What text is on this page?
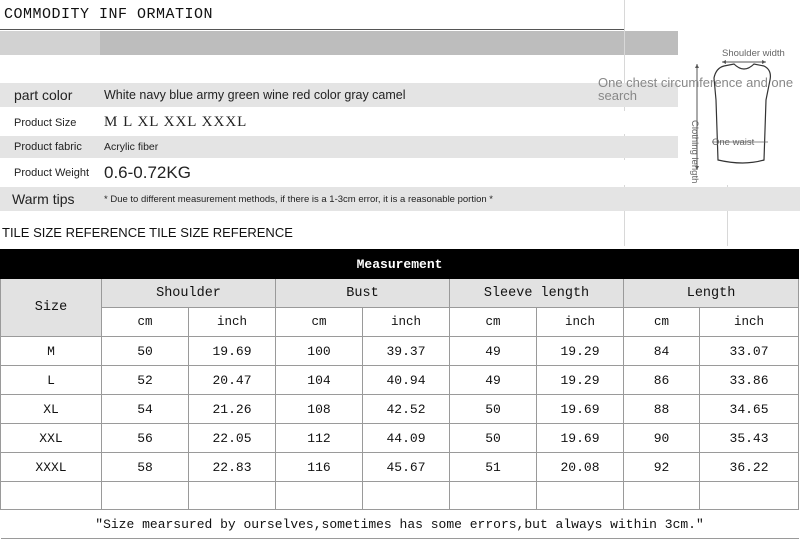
COMMODITY INF ORMATION
Shoulder width
part color	White navy blue army green wine red color gray camel
One chest circumference and one search
Product Size	M L XL XXL XXXL
Product fabric	Acrylic fiber
Product Weight 0.6-0.72KG
Warm tips	* Due to different measurement methods, if there is a 1-3cm error, it is a reasonable portion *
One waist
Clothing length
TILE SIZE REFERENCE TILE SIZE REFERENCE
Measurement								
Size	Shoulder		Bust		Sleeve length		Length	
	cm	inch	cm	inch	cm	inch	cm	inch
M	50	19.69	100	39.37	49	19.29	84	33.07
L	52	20.47	104	40.94	49	19.29	86	33.86
XL	54	21.26	108	42.52	50	19.69	88	34.65
XXL	56	22.05	112	44.09	50	19.69	90	35.43
XXXL	58	22.83	116	45.67	51	20.08	92	36.22

"Size mearsured by ourselves,sometimes has some errors,but always within 3cm."								
